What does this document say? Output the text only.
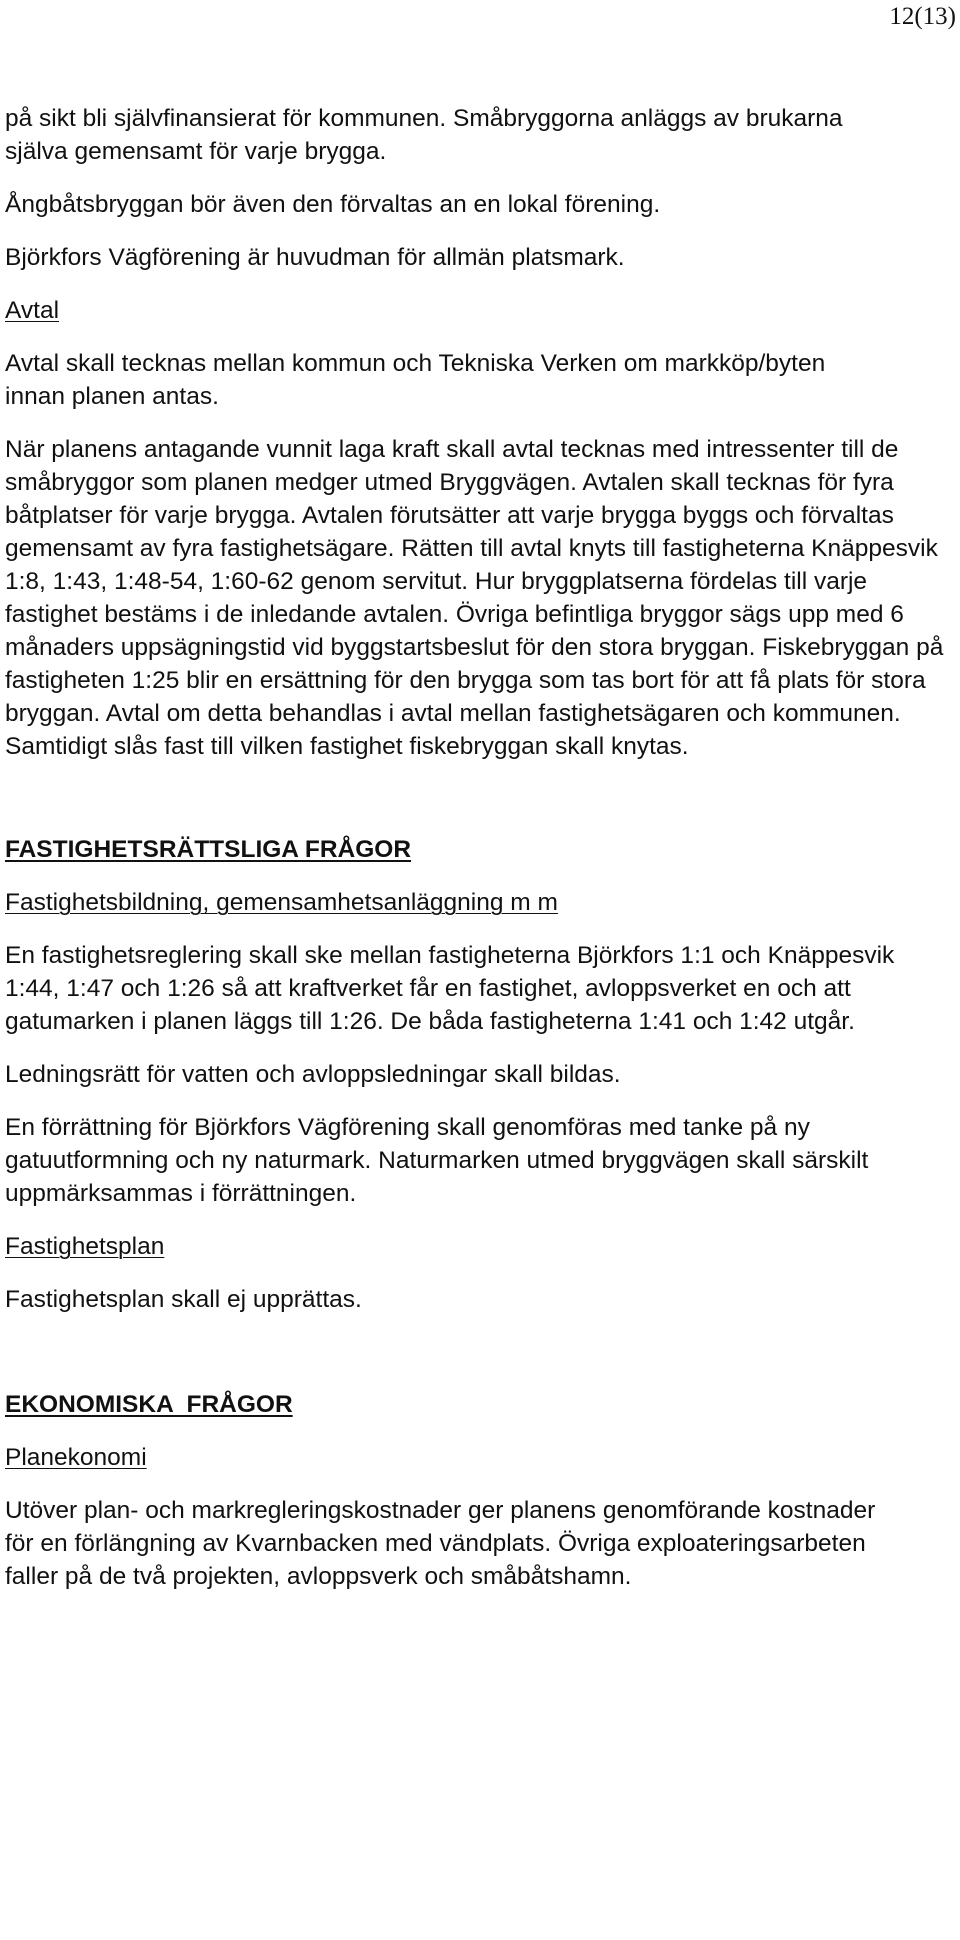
12(13)

på sikt bli självfinansierat för kommunen. Småbryggorna anläggs av brukarna själva gemensamt för varje brygga.

Ångbåtsbryggan bör även den förvaltas an en lokal förening.

Björkfors Vägförening är huvudman för allmän platsmark.

Avtal

Avtal skall tecknas mellan kommun och Tekniska Verken om markköp/byten innan planen antas.

När planens antagande vunnit laga kraft skall avtal tecknas med intressenter till de småbryggor som planen medger utmed Bryggvägen. Avtalen skall tecknas för fyra båtplatser för varje brygga. Avtalen förutsätter att varje brygga byggs och förvaltas gemensamt av fyra fastighetsägare. Rätten till avtal knyts till fastigheterna Knäppesvik 1:8, 1:43, 1:48-54, 1:60-62 genom servitut. Hur bryggplatserna fördelas till varje fastighet bestäms i de inledande avtalen. Övriga befintliga bryggor sägs upp med 6 månaders uppsägningstid vid byggstartsbeslut för den stora bryggan. Fiskebryggan på fastigheten 1:25 blir en ersättning för den brygga som tas bort för att få plats för stora bryggan. Avtal om detta behandlas i avtal mellan fastighetsägaren och kommunen. Samtidigt slås fast till vilken fastighet fiskebryggan skall knytas.

FASTIGHETSRÄTTSLIGA FRÅGOR

Fastighetsbildning, gemensamhetsanläggning m m

En fastighetsreglering skall ske mellan fastigheterna Björkfors 1:1 och Knäppesvik 1:44, 1:47 och 1:26 så att kraftverket får en fastighet, avloppsverket en och att gatumarken i planen läggs till 1:26. De båda fastigheterna 1:41 och 1:42 utgår.

Ledningsrätt för vatten och avloppsledningar skall bildas.

En förrättning för Björkfors Vägförening skall genomföras med tanke på ny gatuutformning och ny naturmark. Naturmarken utmed bryggvägen skall särskilt uppmärksammas i förrättningen.

Fastighetsplan

Fastighetsplan skall ej upprättas.

EKONOMISKA  FRÅGOR

Planekonomi

Utöver plan- och markregleringskostnader ger planens genomförande kostnader för en förlängning av Kvarnbacken med vändplats. Övriga exploateringsarbeten faller på de två projekten, avloppsverk och småbåtshamn.
